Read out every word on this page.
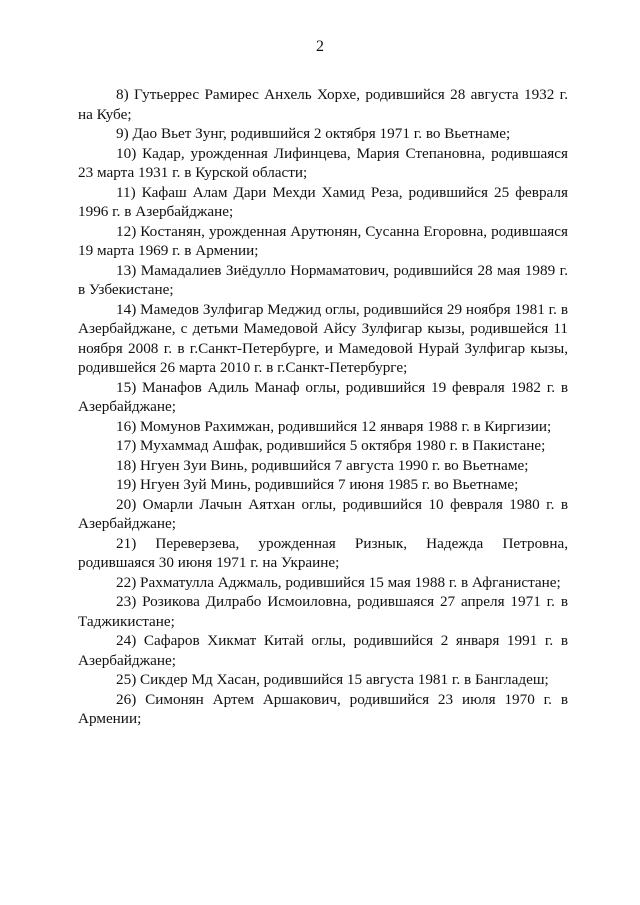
2

8) Гутьеррес Рамирес Анхель Хорхе, родившийся 28 августа 1932 г. на Кубе;

9) Дао Вьет Зунг, родившийся 2 октября 1971 г. во Вьетнаме;

10) Кадар, урожденная Лифинцева, Мария Степановна, родившаяся 23 марта 1931 г. в Курской области;

11) Кафаш Алам Дари Мехди Хамид Реза, родившийся 25 февраля 1996 г. в Азербайджане;

12) Костанян, урожденная Арутюнян, Сусанна Егоровна, родившаяся 19 марта 1969 г. в Армении;

13) Мамадалиев Зиёдулло Нормаматович, родившийся 28 мая 1989 г. в Узбекистане;

14) Мамедов Зулфигар Меджид оглы, родившийся 29 ноября 1981 г. в Азербайджане, с детьми Мамедовой Айсу Зулфигар кызы, родившейся 11 ноября 2008 г. в г.Санкт-Петербурге, и Мамедовой Нурай Зулфигар кызы, родившейся 26 марта 2010 г. в г.Санкт-Петербурге;

15) Манафов Адиль Манаф оглы, родившийся 19 февраля 1982 г. в Азербайджане;

16) Момунов Рахимжан, родившийся 12 января 1988 г. в Киргизии;

17) Мухаммад Ашфак, родившийся 5 октября 1980 г. в Пакистане;

18) Нгуен Зуи Винь, родившийся 7 августа 1990 г. во Вьетнаме;

19) Нгуен Зуй Минь, родившийся 7 июня 1985 г. во Вьетнаме;

20) Омарли Лачын Аятхан оглы, родившийся 10 февраля 1980 г. в Азербайджане;

21) Переверзева, урожденная Ризнык, Надежда Петровна, родившаяся 30 июня 1971 г. на Украине;

22) Рахматулла Аджмаль, родившийся 15 мая 1988 г. в Афганистане;

23) Розикова Дилрабо Исмоиловна, родившаяся 27 апреля 1971 г. в Таджикистане;

24) Сафаров Хикмат Китай оглы, родившийся 2 января 1991 г. в Азербайджане;

25) Сикдер Мд Хасан, родившийся 15 августа 1981 г. в Бангладеш;

26) Симонян Артем Аршакович, родившийся 23 июля 1970 г. в Армении;
